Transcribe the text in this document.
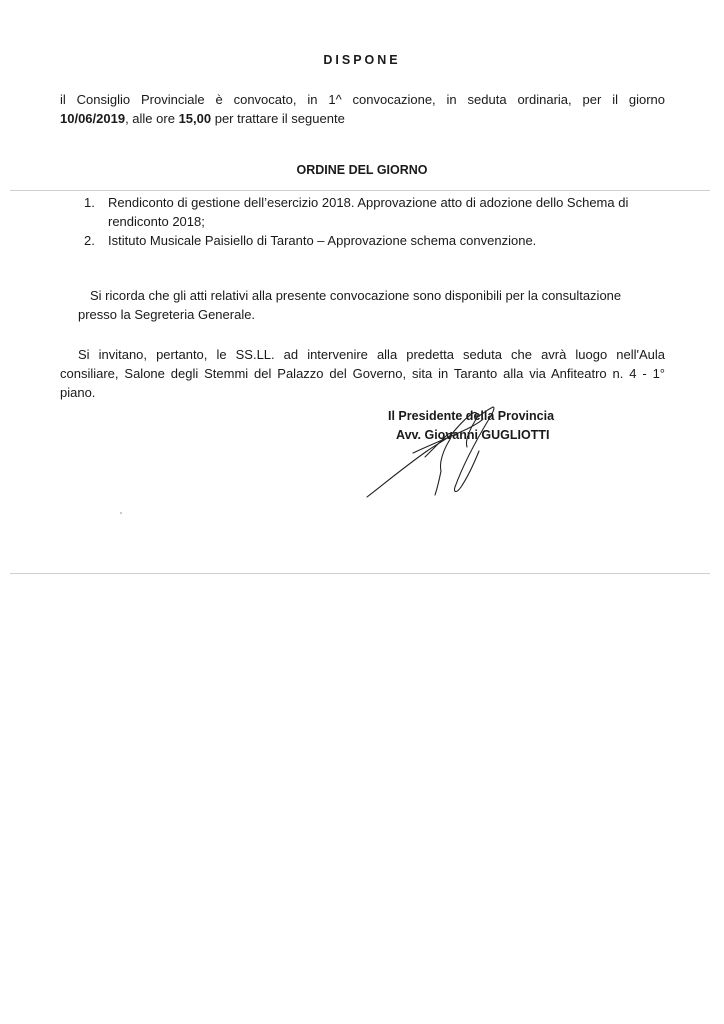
DISPONE
il Consiglio Provinciale è convocato, in 1^ convocazione, in seduta ordinaria, per il giorno
10/06/2019, alle ore 15,00 per trattare il seguente
ORDINE DEL GIORNO
1. Rendiconto di gestione dell’esercizio 2018. Approvazione atto di adozione dello Schema di
rendiconto 2018;
2. Istituto Musicale Paisiello di Taranto – Approvazione schema convenzione.
Si ricorda che gli atti relativi alla presente convocazione sono disponibili per la consultazione
presso la Segreteria Generale.
Si invitano, pertanto, le SS.LL. ad intervenire alla predetta seduta che avrà luogo nell'Aula
consiliare, Salone degli Stemmi del Palazzo del Governo, sita in Taranto alla via Anfiteatro n. 4 - 1°
piano.
Il Presidente della Provincia
Avv. Giovanni GUGLIOTTI
